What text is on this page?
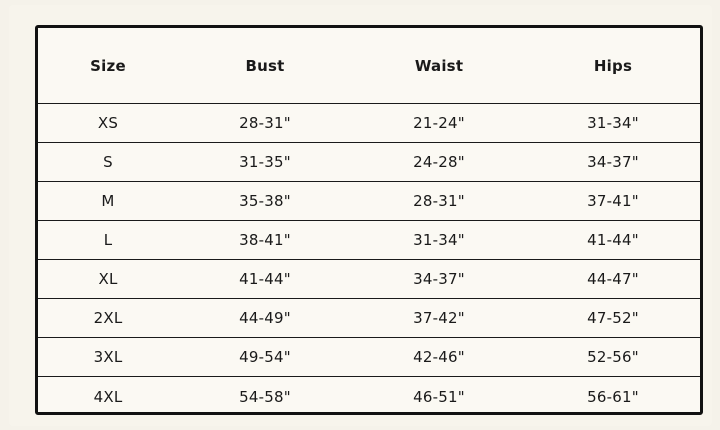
Size	Bust	Waist	Hips
XS	28-31"	21-24"	31-34"
S	31-35"	24-28"	34-37"
M	35-38"	28-31"	37-41"
L	38-41"	31-34"	41-44"
XL	41-44"	34-37"	44-47"
2XL	44-49"	37-42"	47-52"
3XL	49-54"	42-46"	52-56"
4XL	54-58"	46-51"	56-61"
